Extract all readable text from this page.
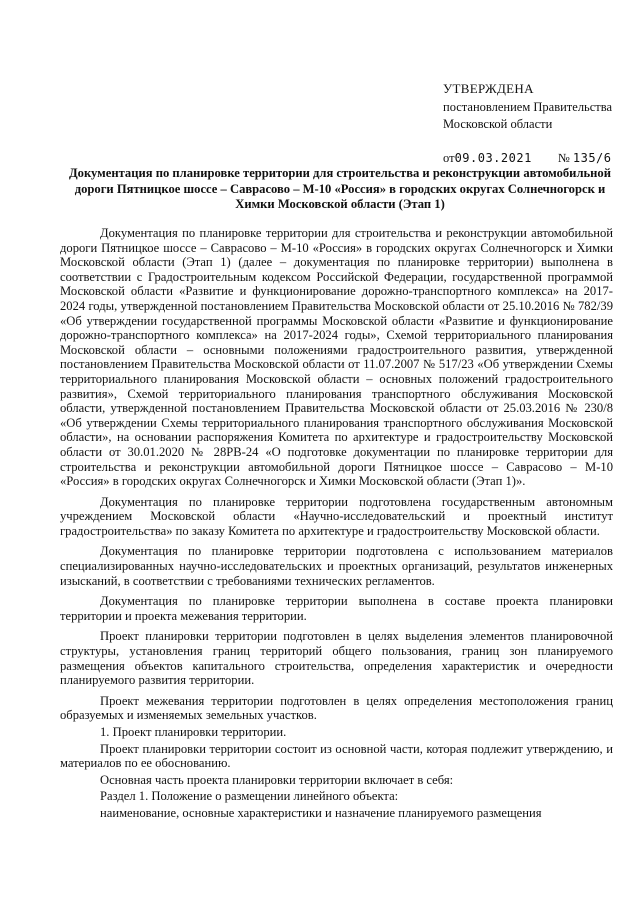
УТВЕРЖДЕНА
постановлением Правительства
Московской области
от09.03.2021 № 135/6
Документация по планировке территории для строительства и реконструкции автомобильной дороги Пятницкое шоссе – Саврасово – М-10 «Россия» в городских округах Солнечногорск и Химки Московской области (Этап 1)

Документация по планировке территории для строительства и реконструкции автомобильной дороги Пятницкое шоссе – Саврасово – М-10 «Россия» в городских округах Солнечногорск и Химки Московской области (Этап 1) (далее – документация по планировке территории) выполнена в соответствии с Градостроительным кодексом Российской Федерации, государственной программой Московской области «Развитие и функционирование дорожно-транспортного комплекса» на 2017-2024 годы, утвержденной постановлением Правительства Московской области от 25.10.2016 № 782/39 «Об утверждении государственной программы Московской области «Развитие и функционирование дорожно-транспортного комплекса» на 2017-2024 годы», Схемой территориального планирования Московской области – основными положениями градостроительного развития, утвержденной постановлением Правительства Московской области от 11.07.2007 № 517/23 «Об утверждении Схемы территориального планирования Московской области – основных положений градостроительного развития», Схемой территориального планирования транспортного обслуживания Московской области, утвержденной постановлением Правительства Московской области от 25.03.2016 № 230/8 «Об утверждении Схемы территориального планирования транспортного обслуживания Московской области», на основании распоряжения Комитета по архитектуре и градостроительству Московской области от 30.01.2020 № 28РВ-24 «О подготовке документации по планировке территории для строительства и реконструкции автомобильной дороги Пятницкое шоссе – Саврасово – М-10 «Россия» в городских округах Солнечногорск и Химки Московской области (Этап 1)».

Документация по планировке территории подготовлена государственным автономным учреждением Московской области «Научно-исследовательский и проектный институт градостроительства» по заказу Комитета по архитектуре и градостроительству Московской области.

Документация по планировке территории подготовлена с использованием материалов специализированных научно-исследовательских и проектных организаций, результатов инженерных изысканий, в соответствии с требованиями технических регламентов.

Документация по планировке территории выполнена в составе проекта планировки территории и проекта межевания территории.

Проект планировки территории подготовлен в целях выделения элементов планировочной структуры, установления границ территорий общего пользования, границ зон планируемого размещения объектов капитального строительства, определения характеристик и очередности планируемого развития территории.

Проект межевания территории подготовлен в целях определения местоположения границ образуемых и изменяемых земельных участков.

1. Проект планировки территории.

Проект планировки территории состоит из основной части, которая подлежит утверждению, и материалов по ее обоснованию.

Основная часть проекта планировки территории включает в себя:

Раздел 1. Положение о размещении линейного объекта:

наименование, основные характеристики и назначение планируемого размещения
